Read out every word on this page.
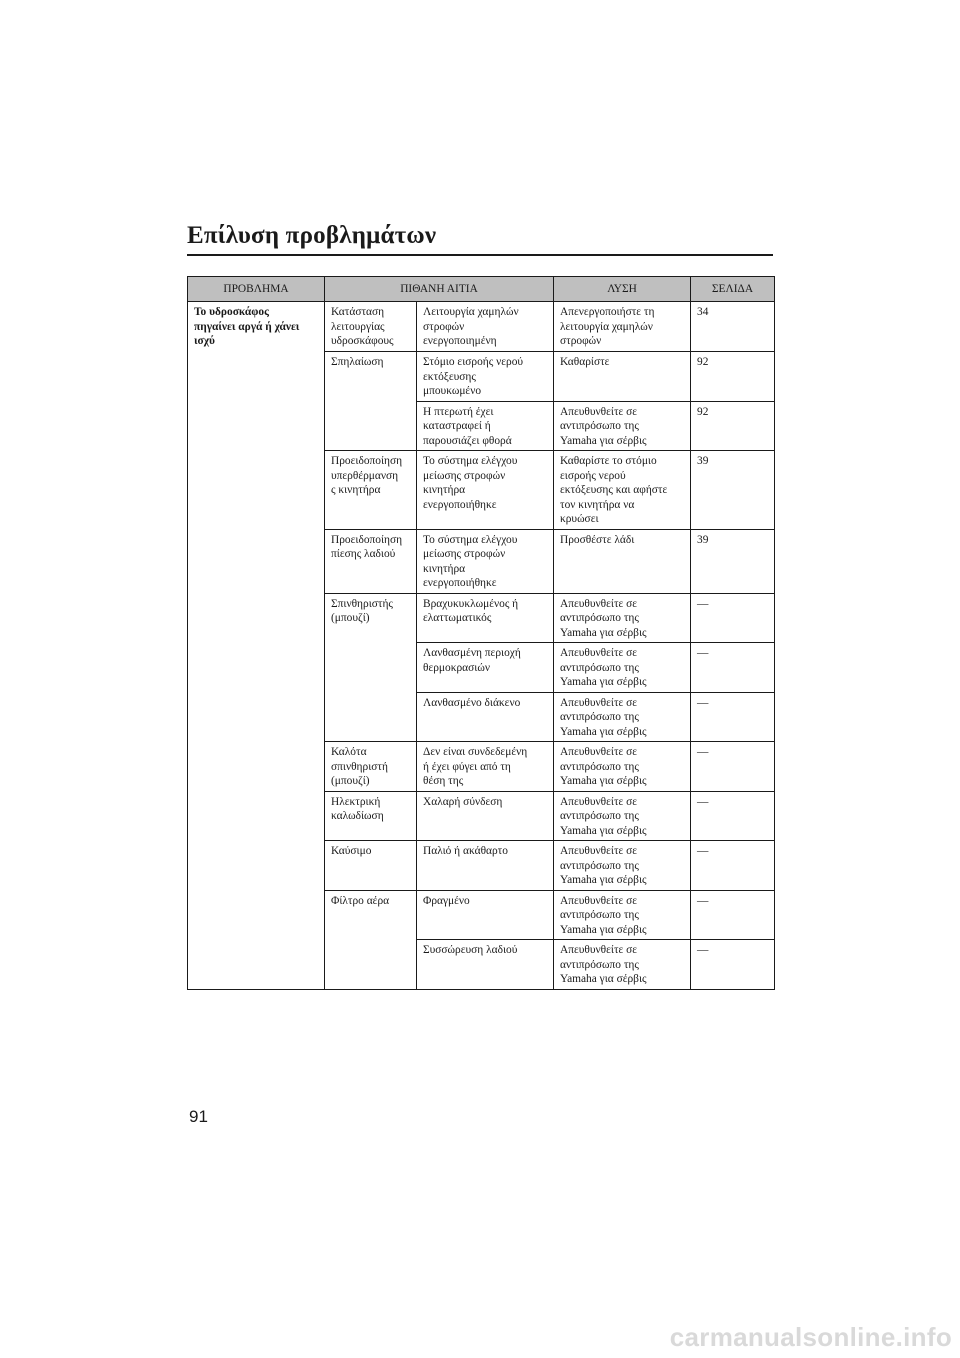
Επίλυση προβλημάτων
ΠΡΟΒΛΗΜΑ	ΠΙΘΑΝΗ ΑΙΤΙΑ		ΛΥΣΗ	ΣΕΛΙΔΑ
Το υδροσκάφος
πηγαίνει αργά ή χάνει
ισχύ	Κατάσταση
λειτουργίας
υδροσκάφους	Λειτουργία χαμηλών
στροφών
ενεργοποιημένη	Απενεργοποιήστε τη
λειτουργία χαμηλών
στροφών	34
	Σπηλαίωση	Στόμιο εισροής νερού
εκτόξευσης
μπουκωμένο	Καθαρίστε	92
		Η πτερωτή έχει
καταστραφεί ή
παρουσιάζει φθορά	Απευθυνθείτε σε
αντιπρόσωπο της
Yamaha για σέρβις	92
	Προειδοποίηση
υπερθέρμανση
ς κινητήρα	Το σύστημα ελέγχου
μείωσης στροφών
κινητήρα
ενεργοποιήθηκε	Καθαρίστε το στόμιο
εισροής νερού
εκτόξευσης και αφήστε
τον κινητήρα να
κρυώσει	39
	Προειδοποίηση
πίεσης λαδιού	Το σύστημα ελέγχου
μείωσης στροφών
κινητήρα
ενεργοποιήθηκε	Προσθέστε λάδι	39
	Σπινθηριστής
(μπουζί)	Βραχυκυκλωμένος ή
ελαττωματικός	Απευθυνθείτε σε
αντιπρόσωπο της
Yamaha για σέρβις	—
		Λανθασμένη περιοχή
θερμοκρασιών	Απευθυνθείτε σε
αντιπρόσωπο της
Yamaha για σέρβις	—
		Λανθασμένο διάκενο	Απευθυνθείτε σε
αντιπρόσωπο της
Yamaha για σέρβις	—
	Καλότα
σπινθηριστή
(μπουζί)	Δεν είναι συνδεδεμένη
ή έχει φύγει από τη
θέση της	Απευθυνθείτε σε
αντιπρόσωπο της
Yamaha για σέρβις	—
	Ηλεκτρική
καλωδίωση	Χαλαρή σύνδεση	Απευθυνθείτε σε
αντιπρόσωπο της
Yamaha για σέρβις	—
	Καύσιμο	Παλιό ή ακάθαρτο	Απευθυνθείτε σε
αντιπρόσωπο της
Yamaha για σέρβις	—
	Φίλτρο αέρα	Φραγμένο	Απευθυνθείτε σε
αντιπρόσωπο της
Yamaha για σέρβις	—
		Συσσώρευση λαδιού	Απευθυνθείτε σε
αντιπρόσωπο της
Yamaha για σέρβις	—
91
carmanualsonline.info
